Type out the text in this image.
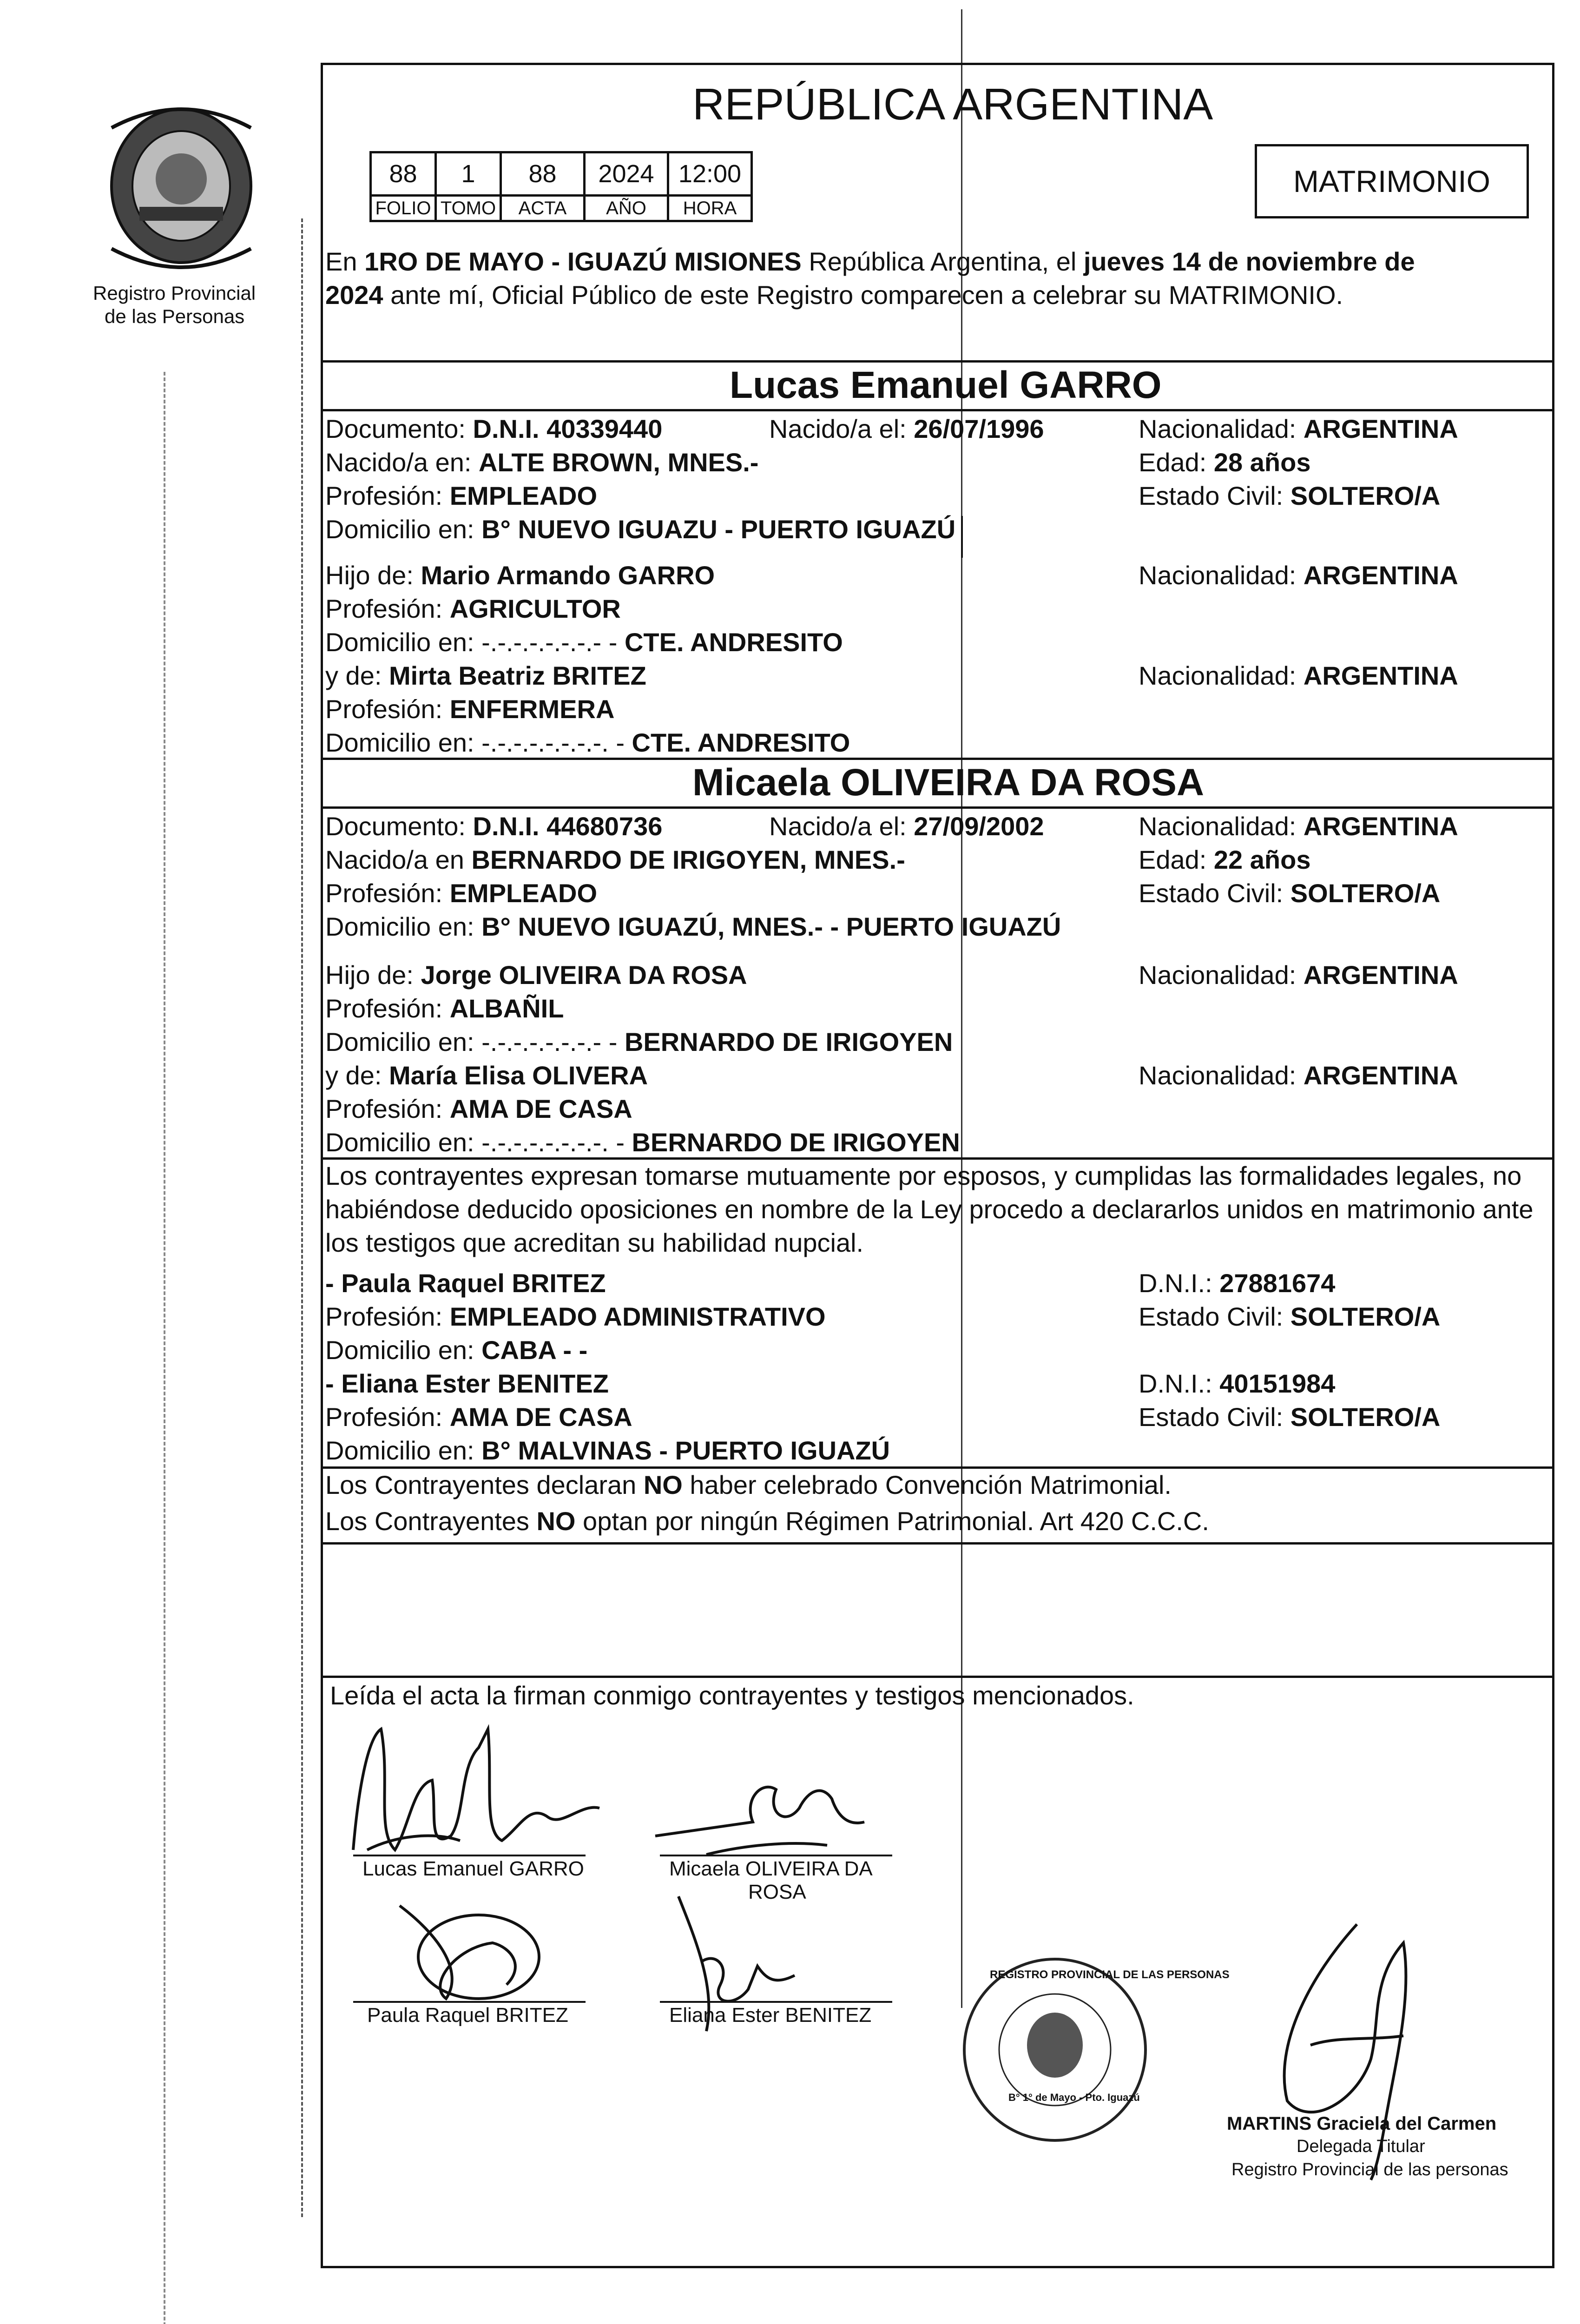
Registro Provincial
de las Personas
REPÚBLICA ARGENTINA
88	1	88	2024	12:00
FOLIO	TOMO	ACTA	AÑO	HORA
MATRIMONIO
En 1RO DE MAYO - IGUAZÚ MISIONES República Argentina, el jueves 14 de noviembre de
2024 ante mí, Oficial Público de este Registro comparecen a celebrar su MATRIMONIO.
Lucas Emanuel GARRO
Documento: D.N.I. 40339440	Nacido/a el: 26/07/1996	Nacionalidad: ARGENTINA
Nacido/a en: ALTE BROWN, MNES.-	Edad: 28 años
Profesión: EMPLEADO	Estado Civil: SOLTERO/A
Domicilio en: B° NUEVO IGUAZU - PUERTO IGUAZÚ
Hijo de: Mario Armando GARRO	Nacionalidad: ARGENTINA
Profesión: AGRICULTOR
Domicilio en: -.-.-.-.-.-.-.- - CTE. ANDRESITO
y de: Mirta Beatriz BRITEZ	Nacionalidad: ARGENTINA
Profesión: ENFERMERA
Domicilio en: -.-.-.-.-.-.-.-. - CTE. ANDRESITO
Micaela OLIVEIRA DA ROSA
Documento: D.N.I. 44680736	Nacido/a el: 27/09/2002	Nacionalidad: ARGENTINA
Nacido/a en BERNARDO DE IRIGOYEN, MNES.-	Edad: 22 años
Profesión: EMPLEADO	Estado Civil: SOLTERO/A
Domicilio en: B° NUEVO IGUAZÚ, MNES.- - PUERTO IGUAZÚ
Hijo de: Jorge OLIVEIRA DA ROSA	Nacionalidad: ARGENTINA
Profesión: ALBAÑIL
Domicilio en: -.-.-.-.-.-.-.- - BERNARDO DE IRIGOYEN
y de: María Elisa OLIVERA	Nacionalidad: ARGENTINA
Profesión: AMA DE CASA
Domicilio en: -.-.-.-.-.-.-.-. - BERNARDO DE IRIGOYEN
Los contrayentes expresan tomarse mutuamente por esposos, y cumplidas las formalidades legales, no
habiéndose deducido oposiciones en nombre de la Ley procedo a declararlos unidos en matrimonio ante
los testigos que acreditan su habilidad nupcial.
- Paula Raquel BRITEZ	D.N.I.: 27881674
Profesión: EMPLEADO ADMINISTRATIVO	Estado Civil: SOLTERO/A
Domicilio en: CABA - -
- Eliana Ester BENITEZ	D.N.I.: 40151984
Profesión: AMA DE CASA	Estado Civil: SOLTERO/A
Domicilio en: B° MALVINAS - PUERTO IGUAZÚ
Los Contrayentes declaran NO haber celebrado Convención Matrimonial.
Los Contrayentes NO optan por ningún Régimen Patrimonial. Art 420 C.C.C.
Leída el acta la firman conmigo contrayentes y testigos mencionados.
Lucas Emanuel GARRO	Micaela OLIVEIRA DA
ROSA
Paula Raquel BRITEZ	Eliana Ester BENITEZ
REGISTRO PROVINCIAL DE LAS PERSONAS
B° 1° de Mayo - Pto. Iguazú
MARTINS Graciela del Carmen
Delegada Titular
Registro Provincial de las personas
